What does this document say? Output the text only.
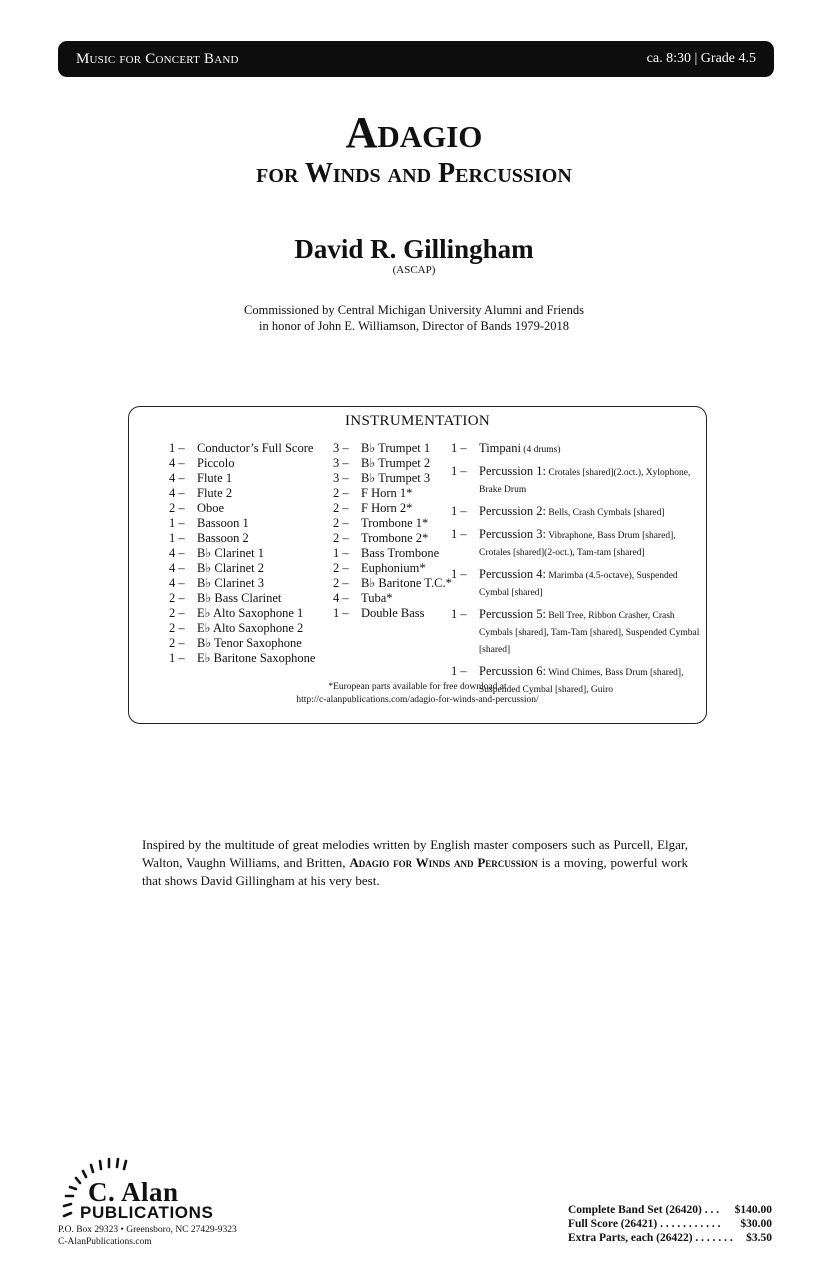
Music for Concert Band	ca. 8:30 | Grade 4.5
Adagio
for Winds and Percussion
David R. Gillingham
(ASCAP)
Commissioned by Central Michigan University Alumni and Friends
in honor of John E. Williamson, Director of Bands 1979-2018
INSTRUMENTATION
1 – Conductor’s Full Score
4 – Piccolo
4 – Flute 1
4 – Flute 2
2 – Oboe
1 – Bassoon 1
1 – Bassoon 2
4 – B♭ Clarinet 1
4 – B♭ Clarinet 2
4 – B♭ Clarinet 3
2 – B♭ Bass Clarinet
2 – E♭ Alto Saxophone 1
2 – E♭ Alto Saxophone 2
2 – B♭ Tenor Saxophone
1 – E♭ Baritone Saxophone
3 – B♭ Trumpet 1
3 – B♭ Trumpet 2
3 – B♭ Trumpet 3
2 – F Horn 1*
2 – F Horn 2*
2 – Trombone 1*
2 – Trombone 2*
1 – Bass Trombone
2 – Euphonium*
2 – B♭ Baritone T.C.*
4 – Tuba*
1 – Double Bass
1 – Timpani (4 drums)
1 – Percussion 1: Crotales [shared](2.oct.), Xylophone, Brake Drum
1 – Percussion 2: Bells, Crash Cymbals [shared]
1 – Percussion 3: Vibraphone, Bass Drum [shared], Crotales [shared](2-oct.), Tam-tam [shared]
1 – Percussion 4: Marimba (4.5-octave), Suspended Cymbal [shared]
1 – Percussion 5: Bell Tree, Ribbon Crasher, Crash Cymbals [shared], Tam-Tam [shared], Suspended Cymbal [shared]
1 – Percussion 6: Wind Chimes, Bass Drum [shared], Suspended Cymbal [shared], Guiro
*European parts available for free download at
http://c-alanpublications.com/adagio-for-winds-and-percussion/
Inspired by the multitude of great melodies written by English master composers such as Purcell, Elgar, Walton, Vaughn Williams, and Britten, Adagio for Winds and Percussion is a moving, powerful work that shows David Gillingham at his very best.
C. Alan
PUBLICATIONS
P.O. Box 29323 • Greensboro, NC 27429-9323
C-AlanPublications.com
Complete Band Set (26420) . . . $140.00
Full Score (26421) . . . . . . . . . . . $30.00
Extra Parts, each (26422) . . . . . . . $3.50
